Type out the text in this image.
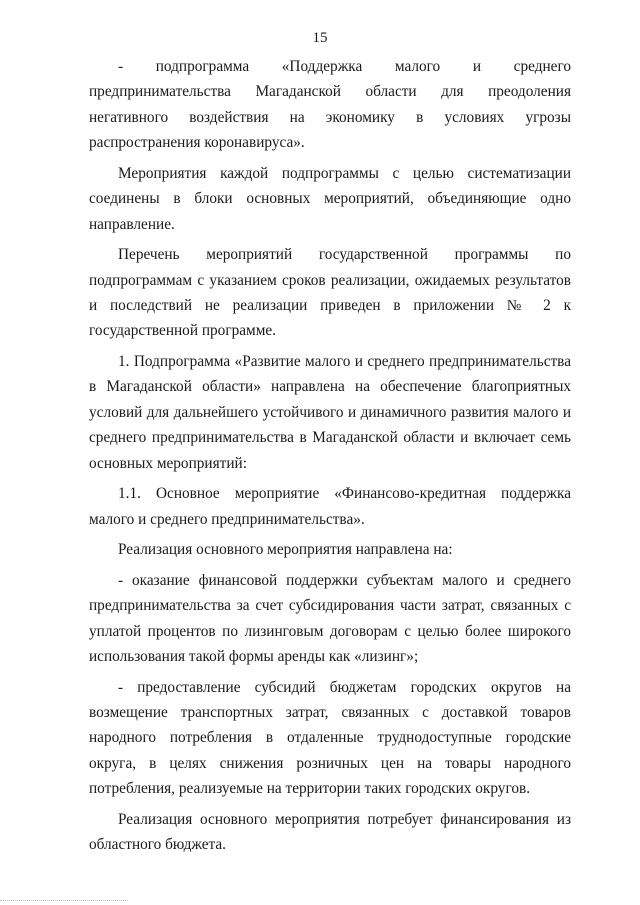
15

- подпрограмма «Поддержка малого и среднего предпринимательства Магаданской области для преодоления негативного воздействия на экономику в условиях угрозы распространения коронавируса».

Мероприятия каждой подпрограммы с целью систематизации соединены в блоки основных мероприятий, объединяющие одно направление.

Перечень мероприятий государственной программы по подпрограммам с указанием сроков реализации, ожидаемых результатов и последствий не реализации приведен в приложении № 2 к государственной программе.

1. Подпрограмма «Развитие малого и среднего предпринимательства в Магаданской области» направлена на обеспечение благоприятных условий для дальнейшего устойчивого и динамичного развития малого и среднего предпринимательства в Магаданской области и включает семь основных мероприятий:

1.1. Основное мероприятие «Финансово-кредитная поддержка малого и среднего предпринимательства».

Реализация основного мероприятия направлена на:

- оказание финансовой поддержки субъектам малого и среднего предпринимательства за счет субсидирования части затрат, связанных с уплатой процентов по лизинговым договорам с целью более широкого использования такой формы аренды как «лизинг»;

- предоставление субсидий бюджетам городских округов на возмещение транспортных затрат, связанных с доставкой товаров народного потребления в отдаленные труднодоступные городские округа, в целях снижения розничных цен на товары народного потребления, реализуемые на территории таких городских округов.

Реализация основного мероприятия потребует финансирования из областного бюджета.
